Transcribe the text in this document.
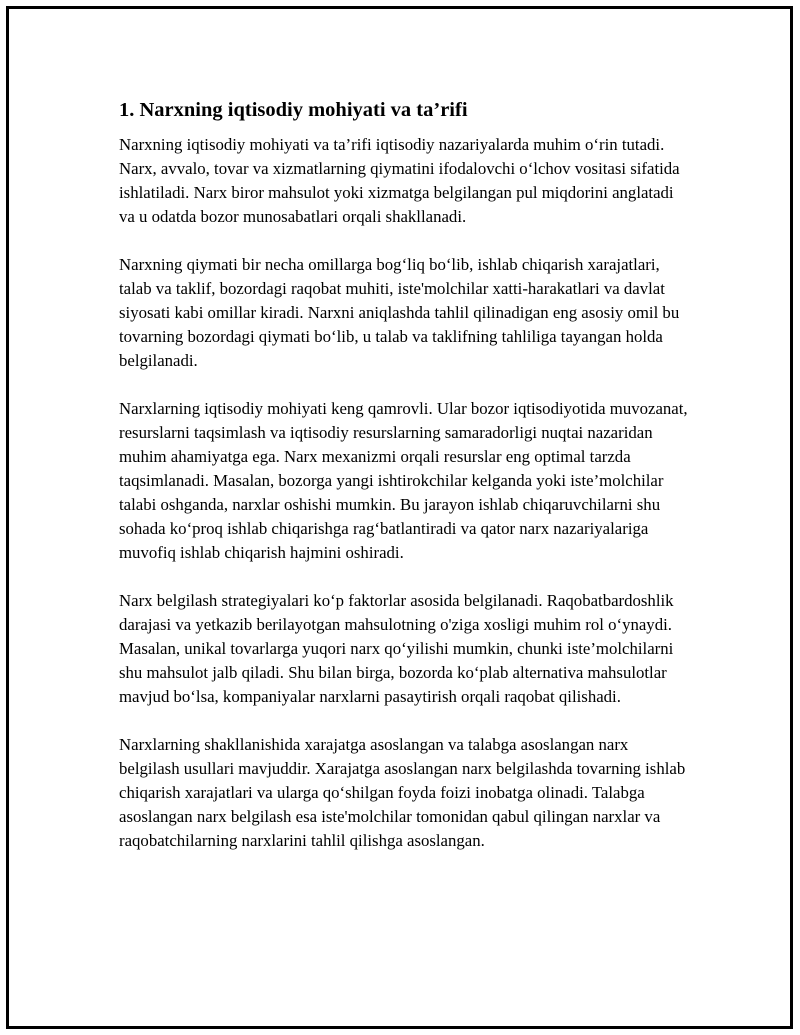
1. Narxning iqtisodiy mohiyati va ta’rifi

Narxning iqtisodiy mohiyati va ta’rifi iqtisodiy nazariyalarda muhim o‘rin tutadi. Narx, avvalo, tovar va xizmatlarning qiymatini ifodalovchi o‘lchov vositasi sifatida ishlatiladi. Narx biror mahsulot yoki xizmatga belgilangan pul miqdorini anglatadi va u odatda bozor munosabatlari orqali shakllanadi.

Narxning qiymati bir necha omillarga bog‘liq bo‘lib, ishlab chiqarish xarajatlari, talab va taklif, bozordagi raqobat muhiti, iste'molchilar xatti-harakatlari va davlat siyosati kabi omillar kiradi. Narxni aniqlashda tahlil qilinadigan eng asosiy omil bu tovarning bozordagi qiymati bo‘lib, u talab va taklifning tahliliga tayangan holda belgilanadi.

Narxlarning iqtisodiy mohiyati keng qamrovli. Ular bozor iqtisodiyotida muvozanat, resurslarni taqsimlash va iqtisodiy resurslarning samaradorligi nuqtai nazaridan muhim ahamiyatga ega. Narx mexanizmi orqali resurslar eng optimal tarzda taqsimlanadi. Masalan, bozorga yangi ishtirokchilar kelganda yoki iste’molchilar talabi oshganda, narxlar oshishi mumkin. Bu jarayon ishlab chiqaruvchilarni shu sohada ko‘proq ishlab chiqarishga rag‘batlantiradi va qator narx nazariyalariga muvofiq ishlab chiqarish hajmini oshiradi.

Narx belgilash strategiyalari ko‘p faktorlar asosida belgilanadi. Raqobatbardoshlik darajasi va yetkazib berilayotgan mahsulotning o'ziga xosligi muhim rol o‘ynaydi. Masalan, unikal tovarlarga yuqori narx qo‘yilishi mumkin, chunki iste’molchilarni shu mahsulot jalb qiladi. Shu bilan birga, bozorda ko‘plab alternativa mahsulotlar mavjud bo‘lsa, kompaniyalar narxlarni pasaytirish orqali raqobat qilishadi.

Narxlarning shakllanishida xarajatga asoslangan va talabga asoslangan narx belgilash usullari mavjuddir. Xarajatga asoslangan narx belgilashda tovarning ishlab chiqarish xarajatlari va ularga qo‘shilgan foyda foizi inobatga olinadi. Talabga asoslangan narx belgilash esa iste'molchilar tomonidan qabul qilingan narxlar va raqobatchilarning narxlarini tahlil qilishga asoslangan.
